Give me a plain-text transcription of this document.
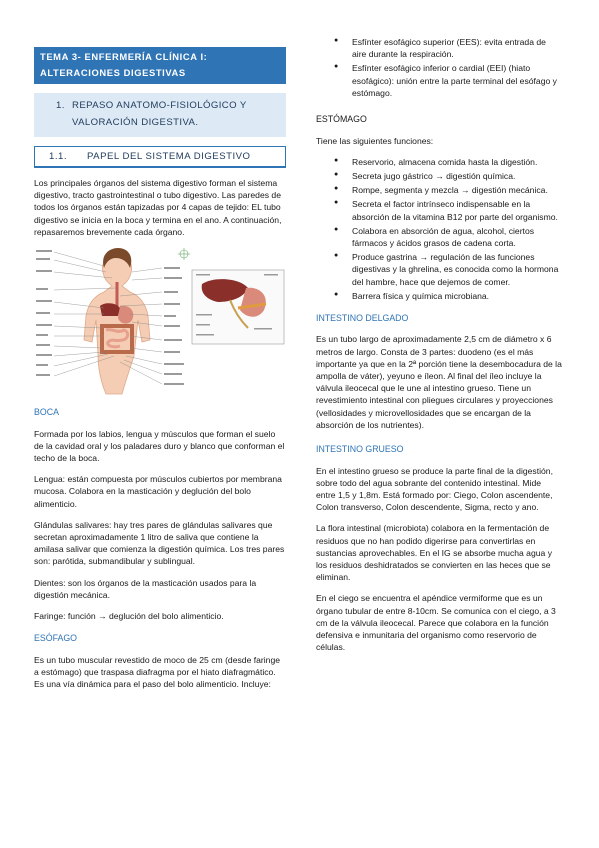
TEMA 3- ENFERMERÍA CLÍNICA I: ALTERACIONES DIGESTIVAS
1. REPASO ANATOMO-FISIOLÓGICO Y VALORACIÓN DIGESTIVA.
1.1.	PAPEL DEL SISTEMA DIGESTIVO

Los principales órganos del sistema digestivo forman el sistema digestivo, tracto gastrointestinal o tubo digestivo. Las paredes de todos los órganos están tapizadas por 4 capas de tejido: EL tubo digestivo se inicia en la boca y termina en el ano. A continuación, repasaremos brevemente cada órgano.

BOCA

Formada por los labios, lengua y músculos que forman el suelo de la cavidad oral y los paladares duro y blanco que conforman el techo de la boca.

Lengua: están compuesta por músculos cubiertos por membrana mucosa. Colabora en la masticación y deglución del bolo alimenticio.

Glándulas salivares: hay tres pares de glándulas salivares que secretan aproximadamente 1 litro de saliva que contiene la amilasa salivar que comienza la digestión química. Los tres pares son: parótida, submandibular y sublingual.

Dientes: son los órganos de la masticación usados para la digestión mecánica.

Faringe: función → deglución del bolo alimenticio.

ESÓFAGO

Es un tubo muscular revestido de moco de 25 cm (desde faringe a estómago) que traspasa diafragma por el hiato diafragmático. Es una vía dinámica para el paso del bolo alimenticio. Incluye:

● Esfínter esofágico superior (EES): evita entrada de aire durante la respiración.
● Esfínter esofágico inferior o cardial (EEI) (hiato esofágico): unión entre la parte terminal del esófago y estómago.
ESTÓMAGO

Tiene las siguientes funciones:

● Reservorio, almacena comida hasta la digestión.
● Secreta jugo gástrico → digestión química.
● Rompe, segmenta y mezcla → digestión mecánica.
● Secreta el factor intrínseco indispensable en la absorción de la vitamina B12 por parte del organismo.
● Colabora en absorción de agua, alcohol, ciertos fármacos y ácidos grasos de cadena corta.
● Produce gastrina → regulación de las funciones digestivas y la ghrelina, es conocida como la hormona del hambre, hace que dejemos de comer.
● Barrera física y química microbiana.
INTESTINO DELGADO

Es un tubo largo de aproximadamente 2,5 cm de diámetro x 6 metros de largo. Consta de 3 partes: duodeno (es el más importante ya que en la 2ª porción tiene la desembocadura de la ampolla de váter), yeyuno e íleon. Al final del íleo incluye la válvula ileocecal que le une al intestino grueso. Tiene un revestimiento intestinal con pliegues circulares y proyecciones (vellosidades y microvellosidades que se encargan de la absorción de los nutrientes).

INTESTINO GRUESO

En el intestino grueso se produce la parte final de la digestión, sobre todo del agua sobrante del contenido intestinal. Mide entre 1,5 y 1,8m. Está formado por: Ciego, Colon ascendente, Colon transverso, Colon descendente, Sigma, recto y ano.

La flora intestinal (microbiota) colabora en la fermentación de residuos que no han podido digerirse para convertirlas en sustancias aprovechables. En el IG se absorbe mucha agua y los residuos deshidratados se convierten en las heces que se eliminan.

En el ciego se encuentra el apéndice vermiforme que es un órgano tubular de entre 8-10cm. Se comunica con el ciego, a 3 cm de la válvula ileocecal. Parece que colabora en la función defensiva e inmunitaria del organismo como reservorio de células.
